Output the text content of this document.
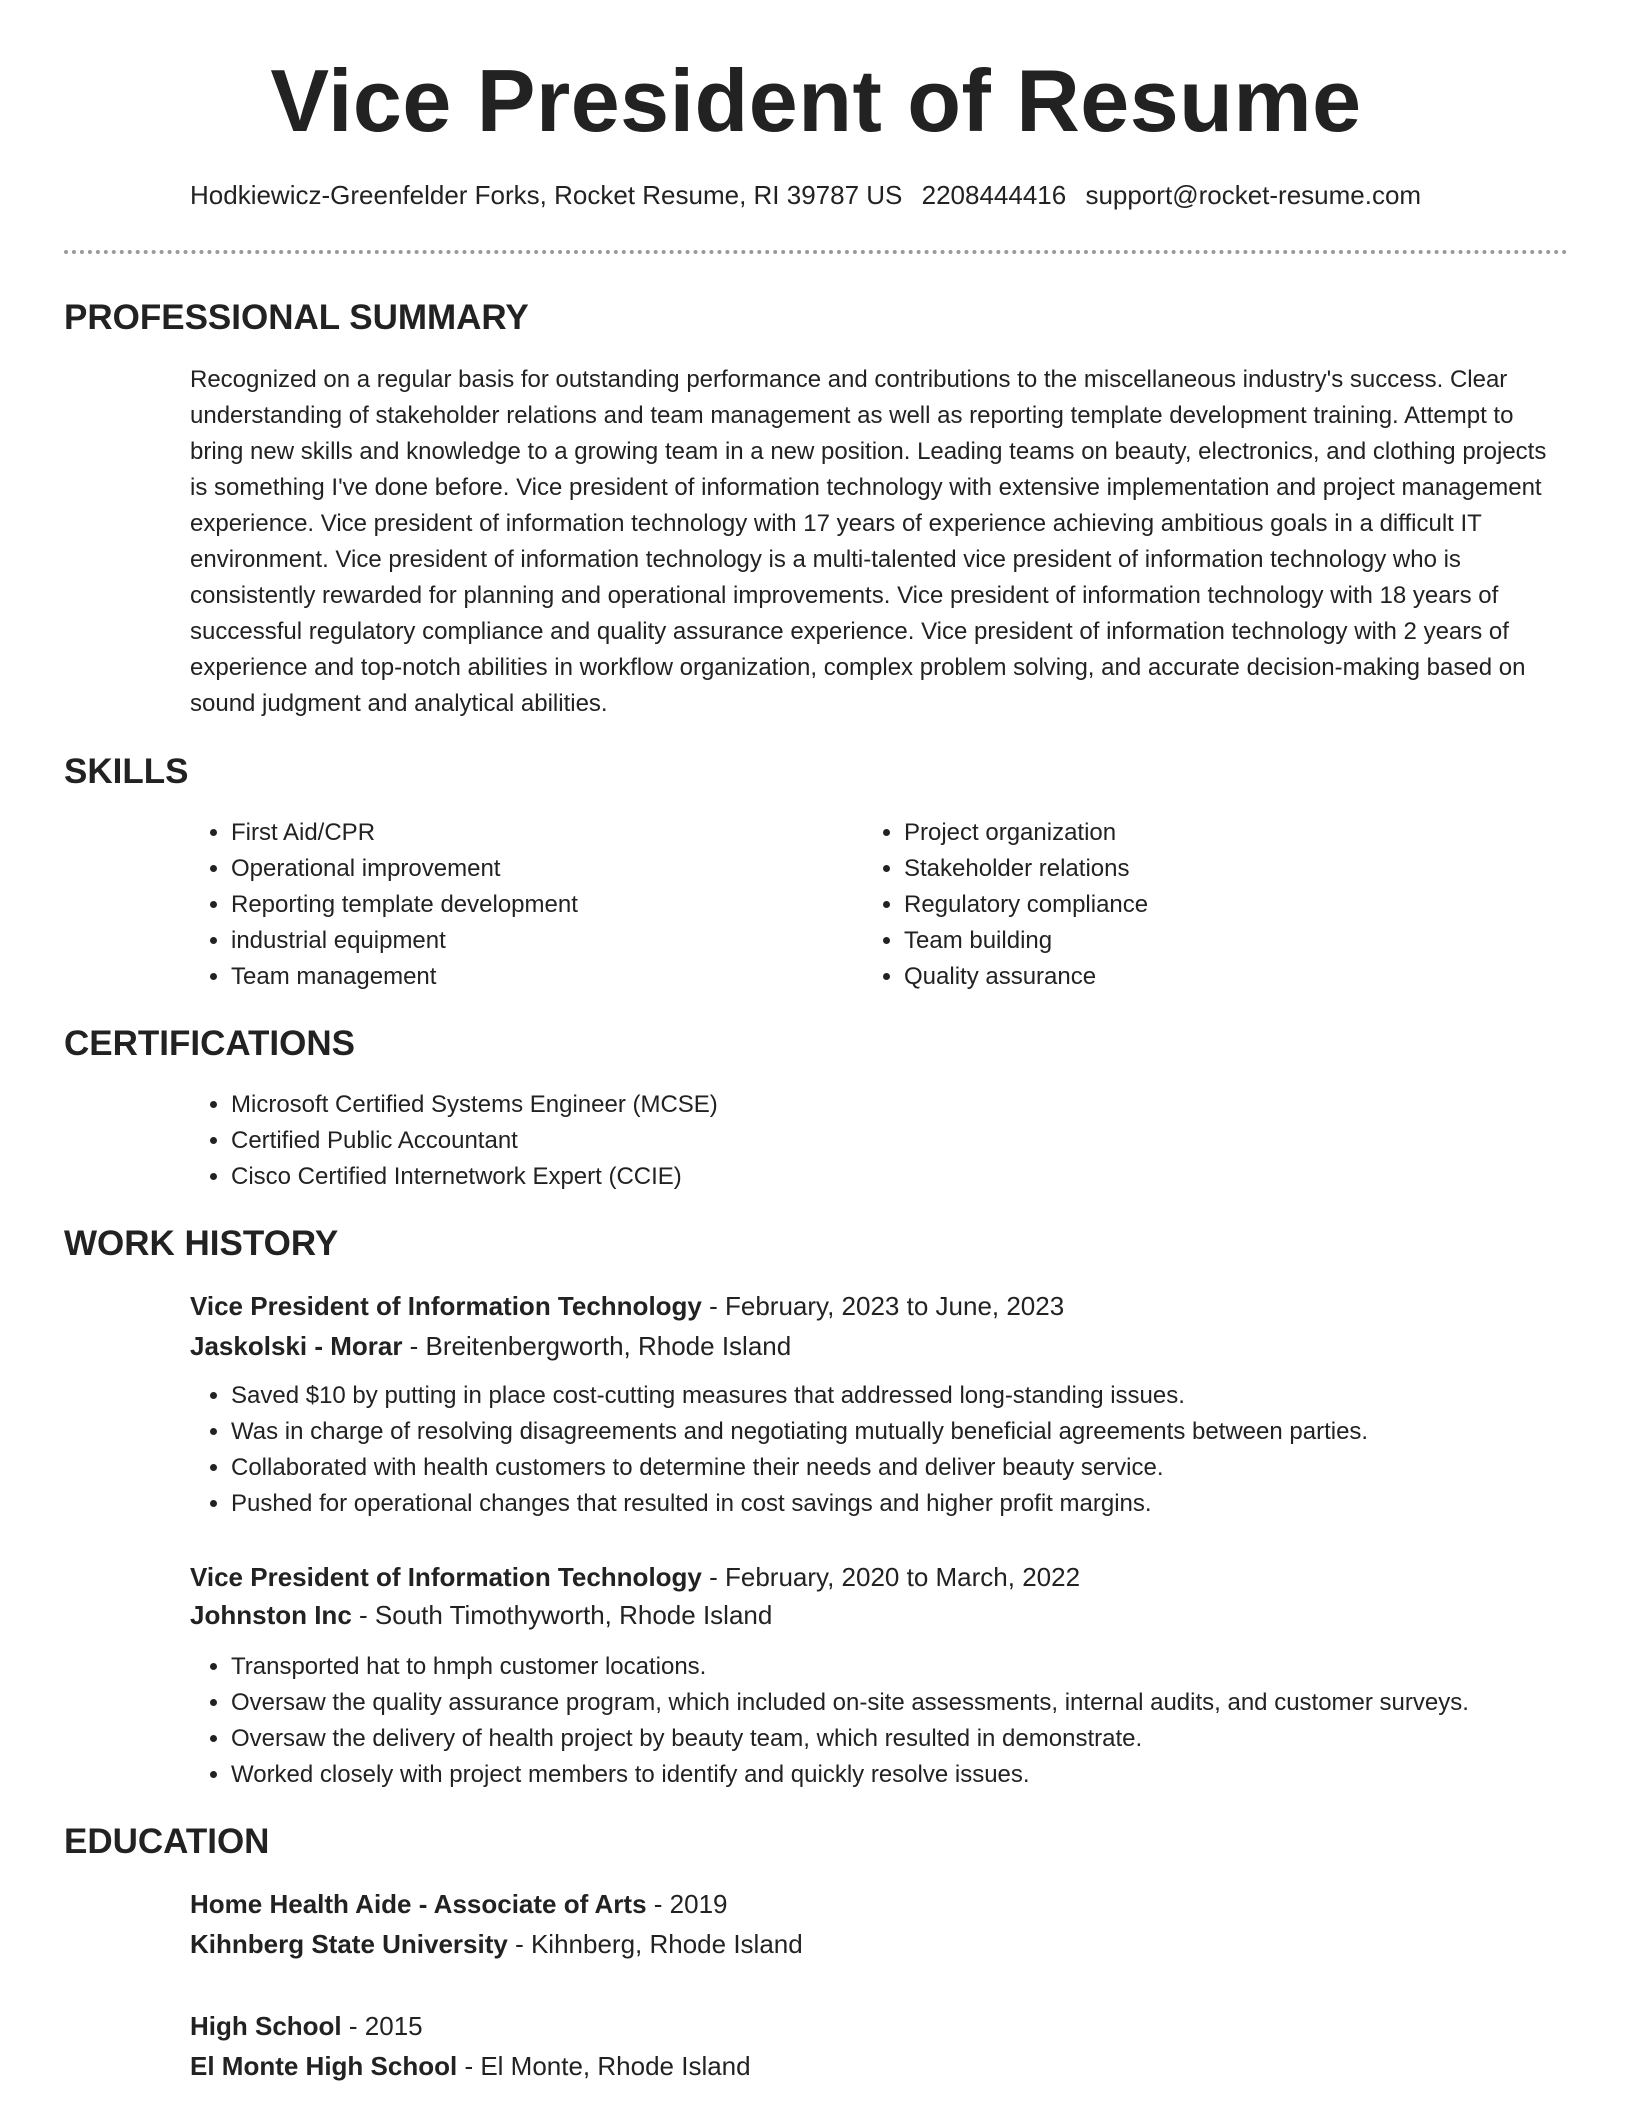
Vice President of Resume
Hodkiewicz-Greenfelder Forks, Rocket Resume, RI 39787 US 2208444416 support@rocket-resume.com
PROFESSIONAL SUMMARY
Recognized on a regular basis for outstanding performance and contributions to the miscellaneous industry's success. Clear understanding of stakeholder relations and team management as well as reporting template development training. Attempt to bring new skills and knowledge to a growing team in a new position. Leading teams on beauty, electronics, and clothing projects is something I've done before. Vice president of information technology with extensive implementation and project management experience. Vice president of information technology with 17 years of experience achieving ambitious goals in a difficult IT environment. Vice president of information technology is a multi-talented vice president of information technology who is consistently rewarded for planning and operational improvements. Vice president of information technology with 18 years of successful regulatory compliance and quality assurance experience. Vice president of information technology with 2 years of experience and top-notch abilities in workflow organization, complex problem solving, and accurate decision-making based on sound judgment and analytical abilities.
SKILLS
• First Aid/CPR
• Operational improvement
• Reporting template development
• industrial equipment
• Team management
• Project organization
• Stakeholder relations
• Regulatory compliance
• Team building
• Quality assurance
CERTIFICATIONS
• Microsoft Certified Systems Engineer (MCSE)
• Certified Public Accountant
• Cisco Certified Internetwork Expert (CCIE)
WORK HISTORY
Vice President of Information Technology - February, 2023 to June, 2023
Jaskolski - Morar - Breitenbergworth, Rhode Island
• Saved $10 by putting in place cost-cutting measures that addressed long-standing issues.
• Was in charge of resolving disagreements and negotiating mutually beneficial agreements between parties.
• Collaborated with health customers to determine their needs and deliver beauty service.
• Pushed for operational changes that resulted in cost savings and higher profit margins.
Vice President of Information Technology - February, 2020 to March, 2022
Johnston Inc - South Timothyworth, Rhode Island
• Transported hat to hmph customer locations.
• Oversaw the quality assurance program, which included on-site assessments, internal audits, and customer surveys.
• Oversaw the delivery of health project by beauty team, which resulted in demonstrate.
• Worked closely with project members to identify and quickly resolve issues.
EDUCATION
Home Health Aide - Associate of Arts - 2019
Kihnberg State University - Kihnberg, Rhode Island
High School - 2015
El Monte High School - El Monte, Rhode Island
